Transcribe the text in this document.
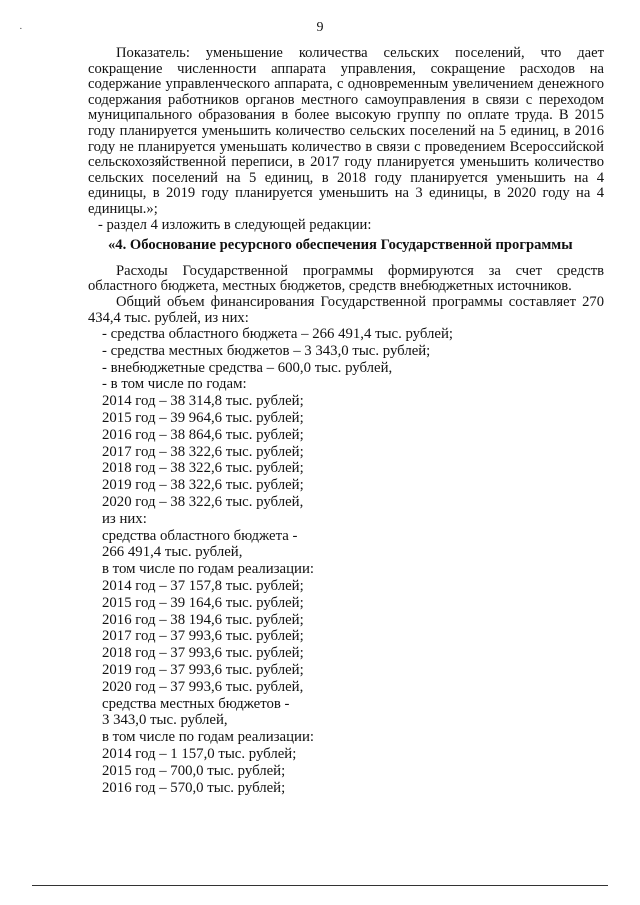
·	9

Показатель: уменьшение количества сельских поселений, что дает сокращение численности аппарата управления, сокращение расходов на содержание управленческого аппарата, с одновременным увеличением денежного содержания работников органов местного самоуправления в связи с переходом муниципального образования в более высокую группу по оплате труда. В 2015 году планируется уменьшить количество сельских поселений на 5 единиц, в 2016 году не планируется уменьшать количество в связи с проведением Всероссийской сельскохозяйственной переписи, в 2017 году планируется уменьшить количество сельских поселений на 5 единиц, в 2018 году планируется уменьшить на 4 единицы, в 2019 году планируется уменьшить на 3 единицы, в 2020 году на 4 единицы.»;

- раздел 4 изложить в следующей редакции:

«4. Обоснование ресурсного обеспечения Государственной программы

Расходы Государственной программы формируются за счет средств областного бюджета, местных бюджетов, средств внебюджетных источников.

Общий объем финансирования Государственной программы составляет 270 434,4 тыс. рублей, из них:

- средства областного бюджета – 266 491,4 тыс. рублей;

- средства местных бюджетов – 3 343,0 тыс. рублей;

- внебюджетные средства – 600,0 тыс. рублей,

- в том числе по годам:

2014 год – 38 314,8 тыс. рублей;

2015 год – 39 964,6 тыс. рублей;

2016 год – 38 864,6 тыс. рублей;

2017 год – 38 322,6 тыс. рублей;

2018 год – 38 322,6 тыс. рублей;

2019 год – 38 322,6 тыс. рублей;

2020 год – 38 322,6 тыс. рублей,

из них:

средства областного бюджета -

266 491,4 тыс. рублей,

в том числе по годам реализации:

2014 год – 37 157,8 тыс. рублей;

2015 год – 39 164,6 тыс. рублей;

2016 год – 38 194,6 тыс. рублей;

2017 год – 37 993,6 тыс. рублей;

2018 год – 37 993,6 тыс. рублей;

2019 год – 37 993,6 тыс. рублей;

2020 год – 37 993,6 тыс. рублей,

средства местных бюджетов -

3 343,0 тыс. рублей,

в том числе по годам реализации:

2014 год – 1 157,0 тыс. рублей;

2015 год – 700,0 тыс. рублей;

2016 год – 570,0 тыс. рублей;
